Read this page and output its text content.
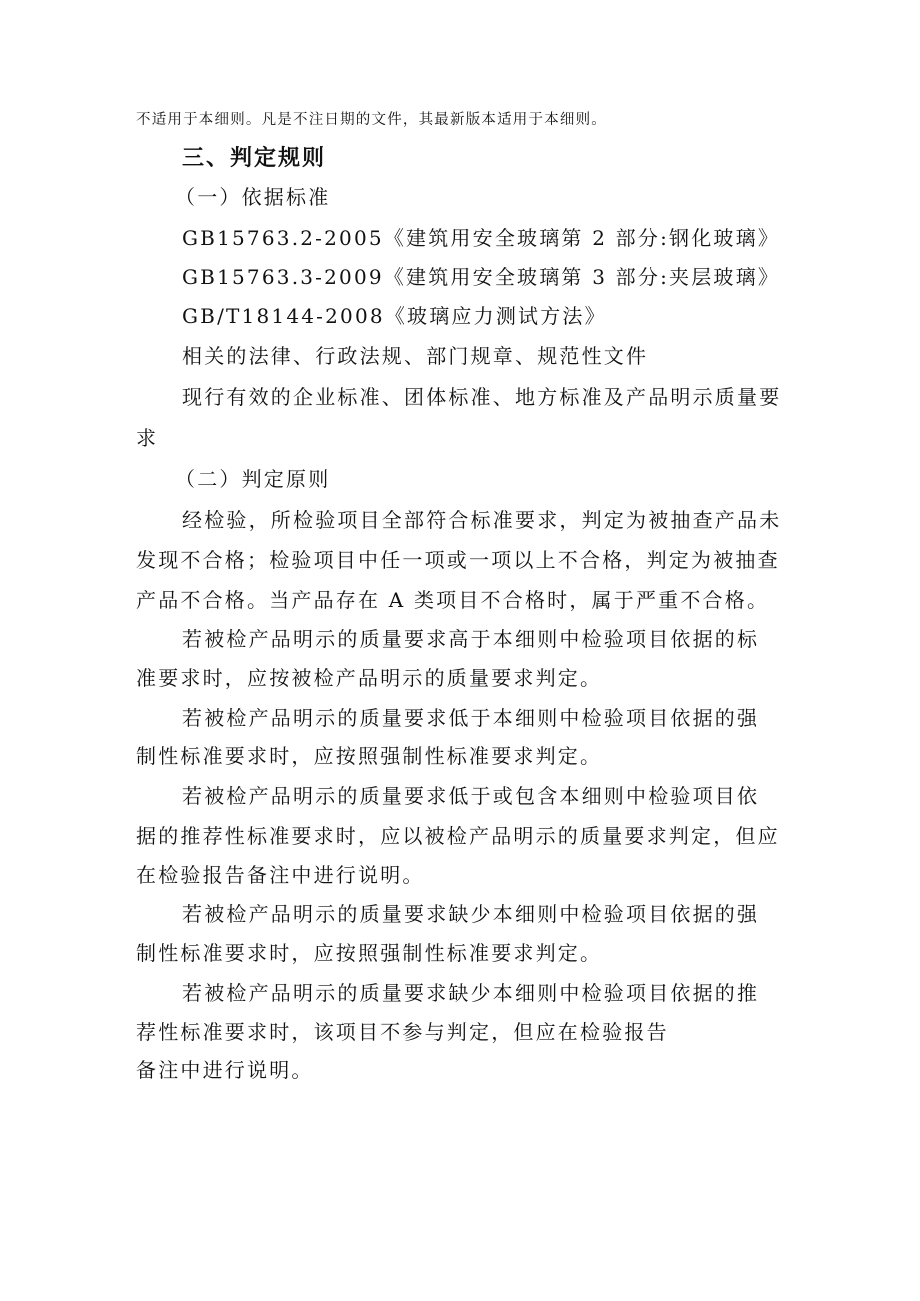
不适用于本细则。凡是不注日期的文件，其最新版本适用于本细则。
三、判定规则
（一）依据标准
GB15763.2-2005《建筑用安全玻璃第 2 部分:钢化玻璃》
GB15763.3-2009《建筑用安全玻璃第 3 部分:夹层玻璃》
GB/T18144-2008《玻璃应力测试方法》
相关的法律、行政法规、部门规章、规范性文件
现行有效的企业标准、团体标准、地方标准及产品明示质量要
求
（二）判定原则
经检验，所检验项目全部符合标准要求，判定为被抽查产品未
发现不合格；检验项目中任一项或一项以上不合格，判定为被抽查
产品不合格。当产品存在 A 类项目不合格时，属于严重不合格。
若被检产品明示的质量要求高于本细则中检验项目依据的标
准要求时，应按被检产品明示的质量要求判定。
若被检产品明示的质量要求低于本细则中检验项目依据的强
制性标准要求时，应按照强制性标准要求判定。
若被检产品明示的质量要求低于或包含本细则中检验项目依
据的推荐性标准要求时，应以被检产品明示的质量要求判定，但应
在检验报告备注中进行说明。
若被检产品明示的质量要求缺少本细则中检验项目依据的强
制性标准要求时，应按照强制性标准要求判定。
若被检产品明示的质量要求缺少本细则中检验项目依据的推
荐性标准要求时，该项目不参与判定，但应在检验报告
备注中进行说明。
